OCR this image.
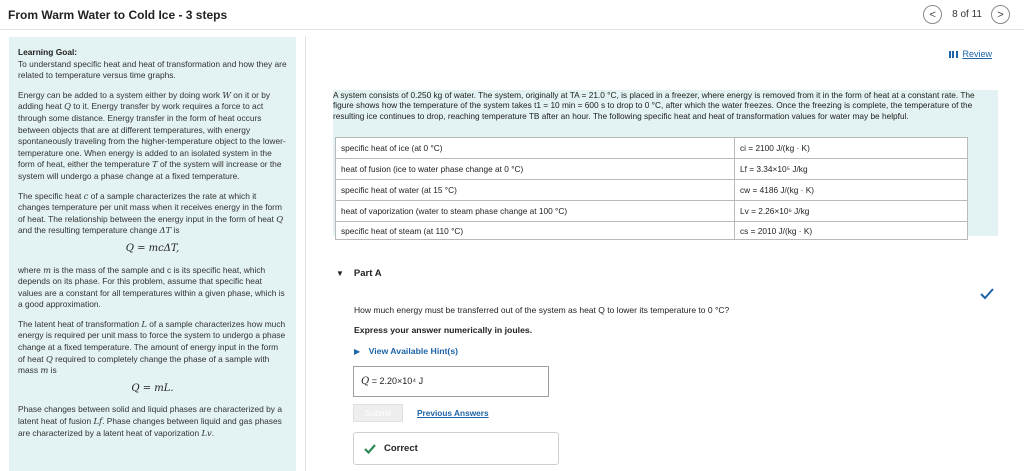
From Warm Water to Cold Ice - 3 steps	< 8 of 11 >
Learning Goal:

To understand specific heat and heat of transformation and how they are related to temperature versus time graphs.

Energy can be added to a system either by doing work W on it or by adding heat Q to it. Energy transfer by work requires a force to act through some distance. Energy transfer in the form of heat occurs between objects that are at different temperatures, with energy spontaneously traveling from the higher-temperature object to the lower-temperature one. When energy is added to an isolated system in the form of heat, either the temperature T of the system will increase or the system will undergo a phase change at a fixed temperature.

The specific heat c of a sample characterizes the rate at which it changes temperature per unit mass when it receives energy in the form of heat. The relationship between the energy input in the form of heat Q and the resulting temperature change ΔT is

Q = mcΔT,

where m is the mass of the sample and c is its specific heat, which depends on its phase. For this problem, assume that specific heat values are a constant for all temperatures within a given phase, which is a good approximation.

The latent heat of transformation L of a sample characterizes how much energy is required per unit mass to force the system to undergo a phase change at a fixed temperature. The amount of energy input in the form of heat Q required to completely change the phase of a sample with mass m is

Q = mL.

Phase changes between solid and liquid phases are characterized by a latent heat of fusion Lf. Phase changes between liquid and gas phases are characterized by a latent heat of vaporization Lv.

Review
A system consists of 0.250 kg of water. The system, originally at TA = 21.0 °C, is placed in a freezer, where energy is removed from it in the form of heat at a constant rate. The figure shows how the temperature of the system takes t1 = 10 min = 600 s to drop to 0 °C, after which the water freezes. Once the freezing is complete, the temperature of the resulting ice continues to drop, reaching temperature TB after an hour. The following specific heat and heat of transformation values for water may be helpful.
specific heat of ice (at 0 °C)	ci = 2100 J/(kg · K)
heat of fusion (ice to water phase change at 0 °C)	Lf = 3.34×10⁵ J/kg
specific heat of water (at 15 °C)	cw = 4186 J/(kg · K)
heat of vaporization (water to steam phase change at 100 °C)	Lv = 2.26×10⁶ J/kg
specific heat of steam (at 110 °C)	cs = 2010 J/(kg · K)
▼ Part A
How much energy must be transferred out of the system as heat Q to lower its temperature to 0 °C?
Express your answer numerically in joules.
▶ View Available Hint(s)
Q = 2.20×10⁴ J
Submit	Previous Answers
Correct
